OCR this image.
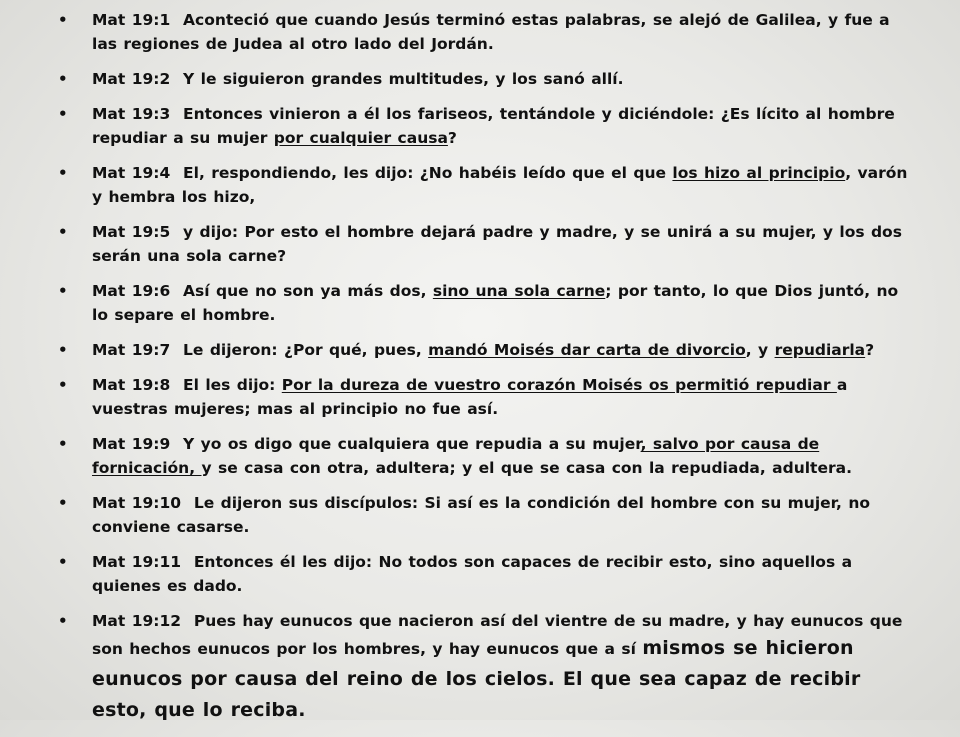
• Mat 19:1 Aconteció que cuando Jesús terminó estas palabras, se alejó de Galilea, y fue a las regiones de Judea al otro lado del Jordán.
• Mat 19:2 Y le siguieron grandes multitudes, y los sanó allí.
• Mat 19:3 Entonces vinieron a él los fariseos, tentándole y diciéndole: ¿Es lícito al hombre repudiar a su mujer por cualquier causa?
• Mat 19:4 El, respondiendo, les dijo: ¿No habéis leído que el que los hizo al principio, varón y hembra los hizo,
• Mat 19:5 y dijo: Por esto el hombre dejará padre y madre, y se unirá a su mujer, y los dos serán una sola carne?
• Mat 19:6 Así que no son ya más dos, sino una sola carne; por tanto, lo que Dios juntó, no lo separe el hombre.
• Mat 19:7 Le dijeron: ¿Por qué, pues, mandó Moisés dar carta de divorcio, y repudiarla?
• Mat 19:8 El les dijo: Por la dureza de vuestro corazón Moisés os permitió repudiar a vuestras mujeres; mas al principio no fue así.
• Mat 19:9 Y yo os digo que cualquiera que repudia a su mujer, salvo por causa de fornicación, y se casa con otra, adultera; y el que se casa con la repudiada, adultera.
• Mat 19:10 Le dijeron sus discípulos: Si así es la condición del hombre con su mujer, no conviene casarse.
• Mat 19:11 Entonces él les dijo: No todos son capaces de recibir esto, sino aquellos a quienes es dado.
• Mat 19:12 Pues hay eunucos que nacieron así del vientre de su madre, y hay eunucos que son hechos eunucos por los hombres, y hay eunucos que a sí mismos se hicieron eunucos por causa del reino de los cielos. El que sea capaz de recibir esto, que lo reciba.
